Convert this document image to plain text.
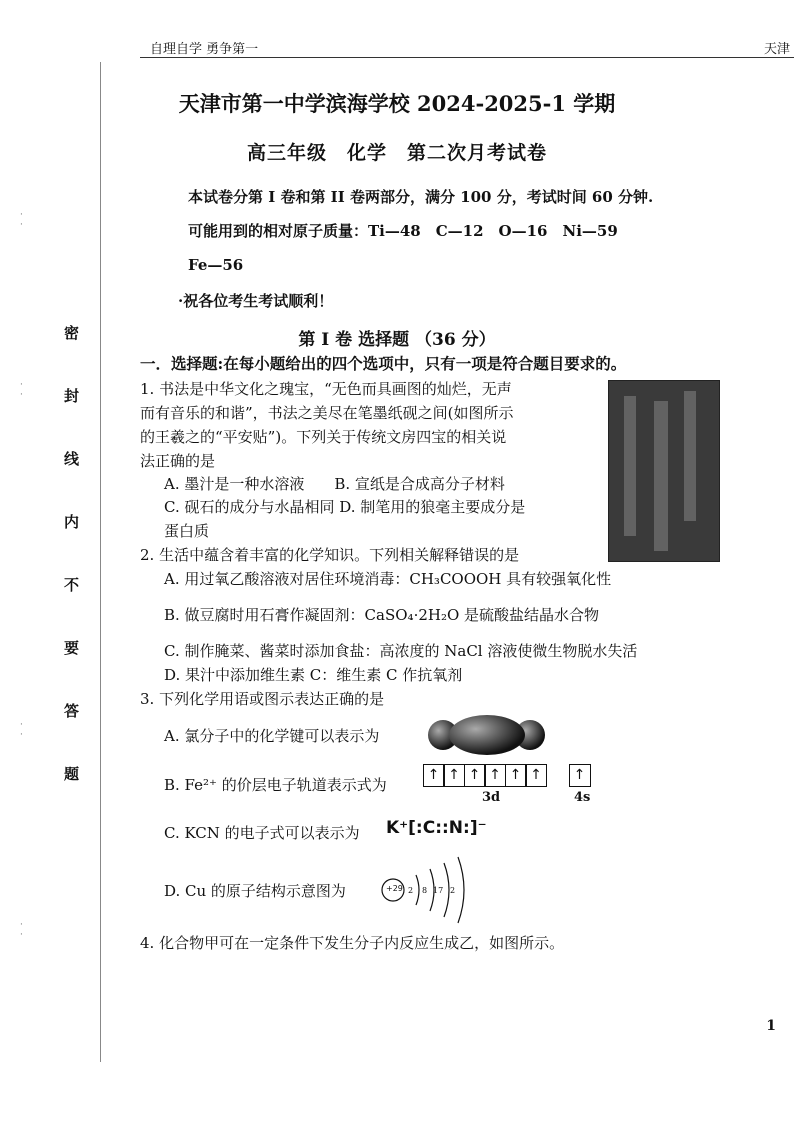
自理自学 勇争第一	天津
·
·
·
·
·
·
·
·
密
封
线
内
不
要
答
题
天津市第一中学滨海学校 2024-2025-1 学期
高三年级　化学　第二次月考试卷
本试卷分第 I 卷和第 II 卷两部分，满分 100 分，考试时间 60 分钟.
可能用到的相对原子质量：Ti—48　C—12　O—16　Ni—59
Fe—56
·祝各位考生考试顺利！
第 I 卷 选择题 （36 分）
一．选择题:在每小题给出的四个选项中，只有一项是符合题目要求的。
1. 书法是中华文化之瑰宝，“无色而具画图的灿烂，无声
而有音乐的和谐”，书法之美尽在笔墨纸砚之间(如图所示
的王羲之的“平安贴”)。下列关于传统文房四宝的相关说
法正确的是
A. 墨汁是一种水溶液　　B. 宣纸是合成高分子材料
C. 砚石的成分与水晶相同 D. 制笔用的狼毫主要成分是
蛋白质
2. 生活中蕴含着丰富的化学知识。下列相关解释错误的是
A. 用过氧乙酸溶液对居住环境消毒：CH₃COOOH 具有较强氧化性
B. 做豆腐时用石膏作凝固剂：CaSO₄·2H₂O 是硫酸盐结晶水合物
C. 制作腌菜、酱菜时添加食盐：高浓度的 NaCl 溶液使微生物脱水失活
D. 果汁中添加维生素 C：维生素 C 作抗氧剂
3. 下列化学用语或图示表达正确的是
A. 氯分子中的化学键可以表示为
B. Fe²⁺ 的价层电子轨道表示式为
↑ ↑ ↑ ↑ ↑ ↑	↑
3d	4s
C. KCN 的电子式可以表示为 K⁺[:C::N:]⁻
D. Cu 的原子结构示意图为	+29 2 8 17 2
4. 化合物甲可在一定条件下发生分子内反应生成乙，如图所示。
1
